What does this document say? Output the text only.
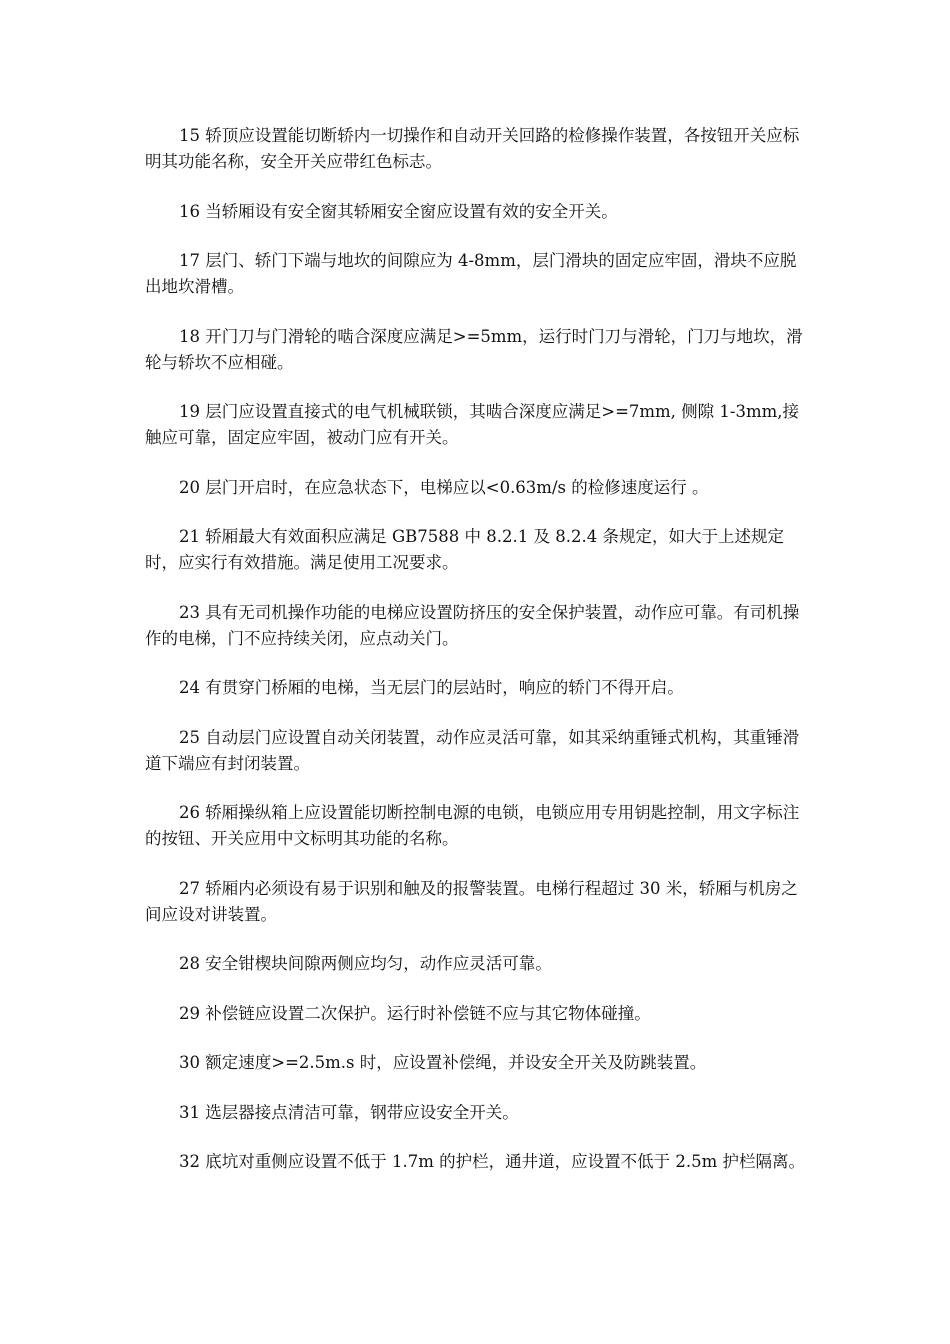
15 轿顶应设置能切断轿内一切操作和自动开关回路的检修操作装置，各按钮开关应标明其功能名称，安全开关应带红色标志。

16 当轿厢设有安全窗其轿厢安全窗应设置有效的安全开关。

17 层门、轿门下端与地坎的间隙应为 4-8mm，层门滑块的固定应牢固，滑块不应脱出地坎滑槽。

18 开门刀与门滑轮的啮合深度应满足>=5mm，运行时门刀与滑轮，门刀与地坎，滑轮与轿坎不应相碰。

19 层门应设置直接式的电气机械联锁，其啮合深度应满足>=7mm, 侧隙 1-3mm,接触应可靠，固定应牢固，被动门应有开关。

20 层门开启时，在应急状态下，电梯应以<0.63m/s 的检修速度运行 。

21 轿厢最大有效面积应满足 GB7588 中 8.2.1 及 8.2.4 条规定，如大于上述规定时，应实行有效措施。满足使用工况要求。

23 具有无司机操作功能的电梯应设置防挤压的安全保护装置，动作应可靠。有司机操作的电梯，门不应持续关闭，应点动关门。

24 有贯穿门桥厢的电梯，当无层门的层站时，响应的轿门不得开启。

25 自动层门应设置自动关闭装置，动作应灵活可靠，如其采纳重锤式机构，其重锤滑道下端应有封闭装置。

26 轿厢操纵箱上应设置能切断控制电源的电锁，电锁应用专用钥匙控制，用文字标注的按钮、开关应用中文标明其功能的名称。

27 轿厢内必须设有易于识别和触及的报警装置。电梯行程超过 30 米，轿厢与机房之间应设对讲装置。

28 安全钳楔块间隙两侧应均匀，动作应灵活可靠。

29 补偿链应设置二次保护。运行时补偿链不应与其它物体碰撞。

30 额定速度>=2.5m.s 时，应设置补偿绳，并设安全开关及防跳装置。

31 选层器接点清洁可靠，钢带应设安全开关。

32 底坑对重侧应设置不低于 1.7m 的护栏，通井道，应设置不低于 2.5m 护栏隔离。
